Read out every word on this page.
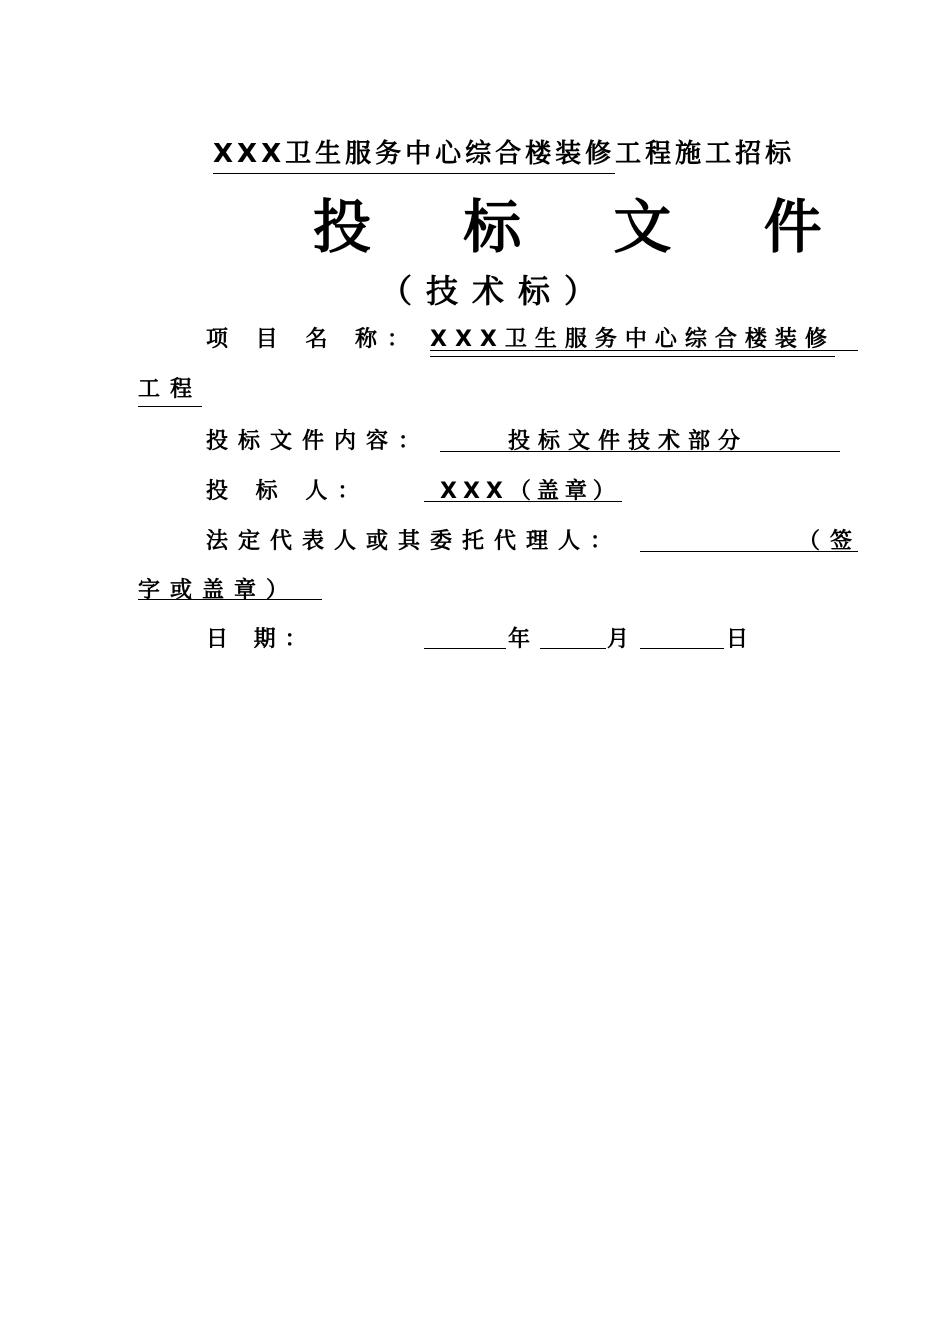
XXX卫生服务中心综合楼装修工程施工招标
投 标 文 件
（技术标）
项 目 名 称： XXX卫生服务中心综合楼装修
工程
投标文件内容：	投标文件技术部分
投 标 人：	XXX（盖章）
法定代表人或其委托代理人：	（签
字或盖章）
日 期：	年	月	日
